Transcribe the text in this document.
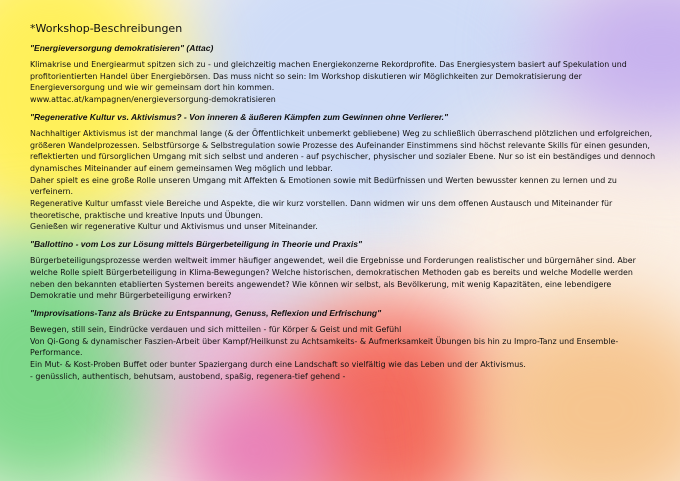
*Workshop-Beschreibungen
"Energieversorgung demokratisieren" (Attac)

Klimakrise und Energiearmut spitzen sich zu - und gleichzeitig machen Energiekonzerne Rekordprofite. Das Energiesystem basiert auf Spekulation und profitorientierten Handel über Energiebörsen. Das muss nicht so sein: Im Workshop diskutieren wir Möglichkeiten zur Demokratisierung der Energieversorgung und wie wir gemeinsam dort hin kommen.

www.attac.at/kampagnen/energieversorgung-demokratisieren

"Regenerative Kultur vs. Aktivismus? - Von inneren & äußeren Kämpfen zum Gewinnen ohne Verlierer."

Nachhaltiger Aktivismus ist der manchmal lange (& der Öffentlichkeit unbemerkt gebliebene) Weg zu schließlich überraschend plötzlichen und erfolgreichen, größeren Wandelprozessen. Selbstfürsorge & Selbstregulation sowie Prozesse des Aufeinander Einstimmens sind höchst relevante Skills für einen gesunden, reflektierten und fürsorglichen Umgang mit sich selbst und anderen - auf psychischer, physischer und sozialer Ebene. Nur so ist ein beständiges und dennoch dynamisches Miteinander auf einem gemeinsamen Weg möglich und lebbar.

Daher spielt es eine große Rolle unseren Umgang mit Affekten & Emotionen sowie mit Bedürfnissen und Werten bewusster kennen zu lernen und zu verfeinern.

Regenerative Kultur umfasst viele Bereiche und Aspekte, die wir kurz vorstellen. Dann widmen wir uns dem offenen Austausch und Miteinander für theoretische, praktische und kreative Inputs und Übungen.

Genießen wir regenerative Kultur und Aktivismus und unser Miteinander.

"Ballottino - vom Los zur Lösung mittels Bürgerbeteiligung in Theorie und Praxis"

Bürgerbeteiligungsprozesse werden weltweit immer häufiger angewendet, weil die Ergebnisse und Forderungen realistischer und bürgernäher sind. Aber welche Rolle spielt Bürgerbeteiligung in Klima-Bewegungen? Welche historischen, demokratischen Methoden gab es bereits und welche Modelle werden neben den bekannten etablierten Systemen bereits angewendet? Wie können wir selbst, als Bevölkerung, mit wenig Kapazitäten, eine lebendigere Demokratie und mehr Bürgerbeteiligung erwirken?

"Improvisations-Tanz als Brücke zu Entspannung, Genuss, Reflexion und Erfrischung"

Bewegen, still sein, Eindrücke verdauen und sich mitteilen - für Körper & Geist und mit Gefühl

Von Qi-Gong & dynamischer Faszien-Arbeit über Kampf/Heilkunst zu Achtsamkeits- & Aufmerksamkeit Übungen bis hin zu Impro-Tanz und Ensemble-Performance.

Ein Mut- & Kost-Proben Buffet oder bunter Spaziergang durch eine Landschaft so vielfältig wie das Leben und der Aktivismus.

- genüsslich, authentisch, behutsam, austobend, spaßig, regenera-tief gehend -
